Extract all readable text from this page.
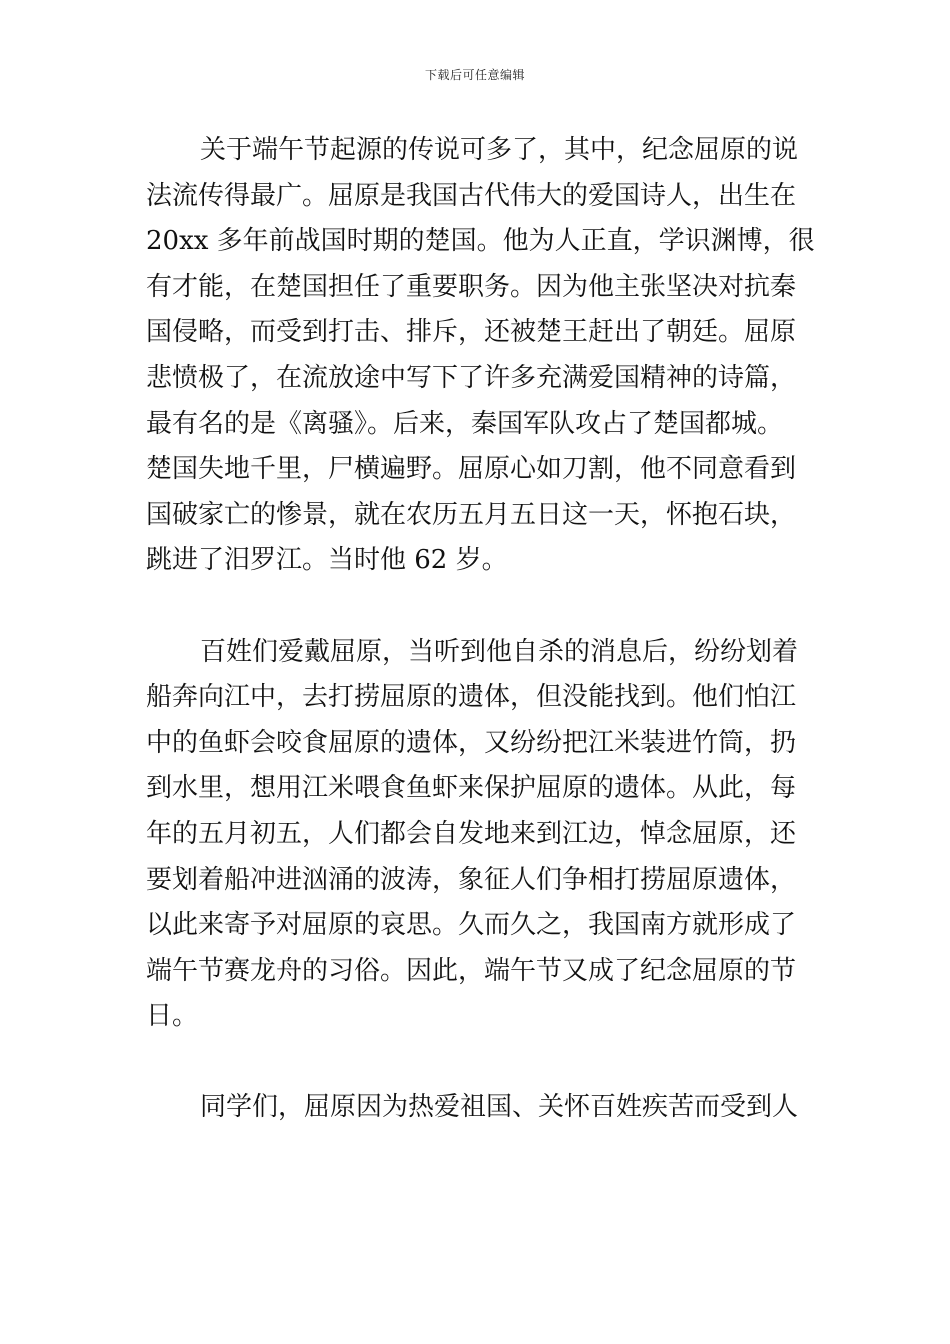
下载后可任意编辑
关于端午节起源的传说可多了，其中，纪念屈原的说
法流传得最广。屈原是我国古代伟大的爱国诗人，出生在
20xx 多年前战国时期的楚国。他为人正直，学识渊博，很
有才能，在楚国担任了重要职务。因为他主张坚决对抗秦
国侵略，而受到打击、排斥，还被楚王赶出了朝廷。屈原
悲愤极了，在流放途中写下了许多充满爱国精神的诗篇，
最有名的是《离骚》。后来，秦国军队攻占了楚国都城。
楚国失地千里，尸横遍野。屈原心如刀割，他不同意看到
国破家亡的惨景，就在农历五月五日这一天，怀抱石块，
跳进了汨罗江。当时他 62 岁。
百姓们爱戴屈原，当听到他自杀的消息后，纷纷划着
船奔向江中，去打捞屈原的遗体，但没能找到。他们怕江
中的鱼虾会咬食屈原的遗体，又纷纷把江米装进竹筒，扔
到水里，想用江米喂食鱼虾来保护屈原的遗体。从此，每
年的五月初五，人们都会自发地来到江边，悼念屈原，还
要划着船冲进汹涌的波涛，象征人们争相打捞屈原遗体，
以此来寄予对屈原的哀思。久而久之，我国南方就形成了
端午节赛龙舟的习俗。因此，端午节又成了纪念屈原的节
日。
同学们，屈原因为热爱祖国、关怀百姓疾苦而受到人
